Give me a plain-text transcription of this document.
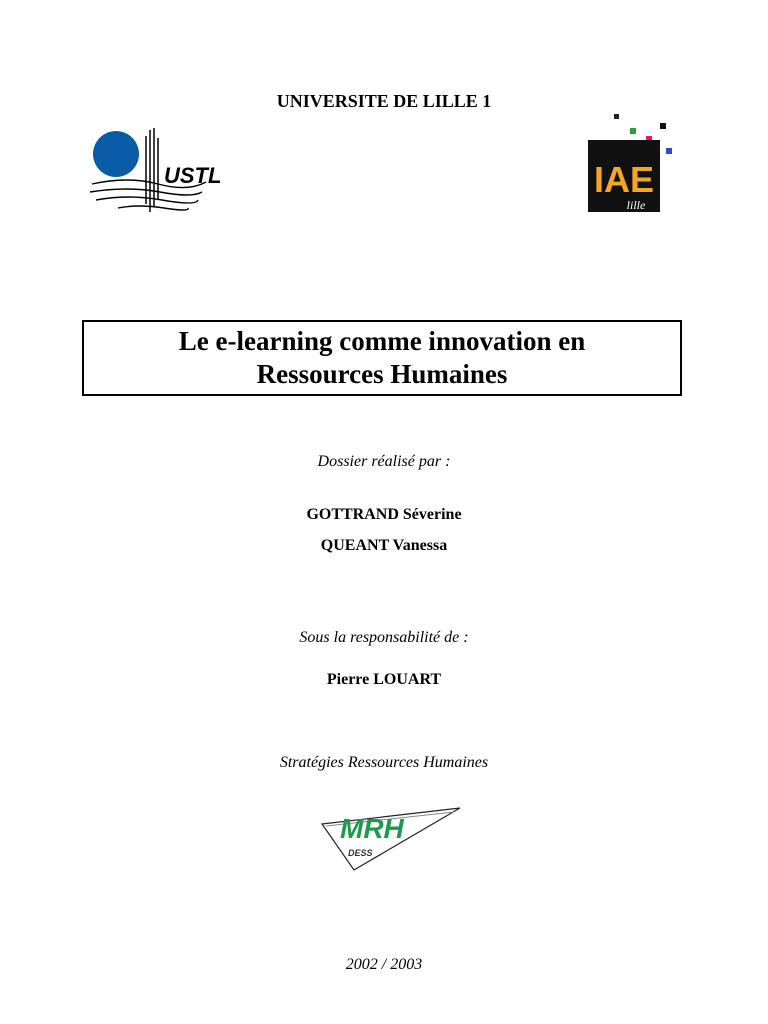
UNIVERSITE DE LILLE 1
USTL	IAE
lille
Le e-learning comme innovation en
Ressources Humaines
Dossier réalisé par :
GOTTRAND Séverine
QUEANT Vanessa
Sous la responsabilité de :
Pierre LOUART
Stratégies Ressources Humaines
MRH
DESS
2002 / 2003
